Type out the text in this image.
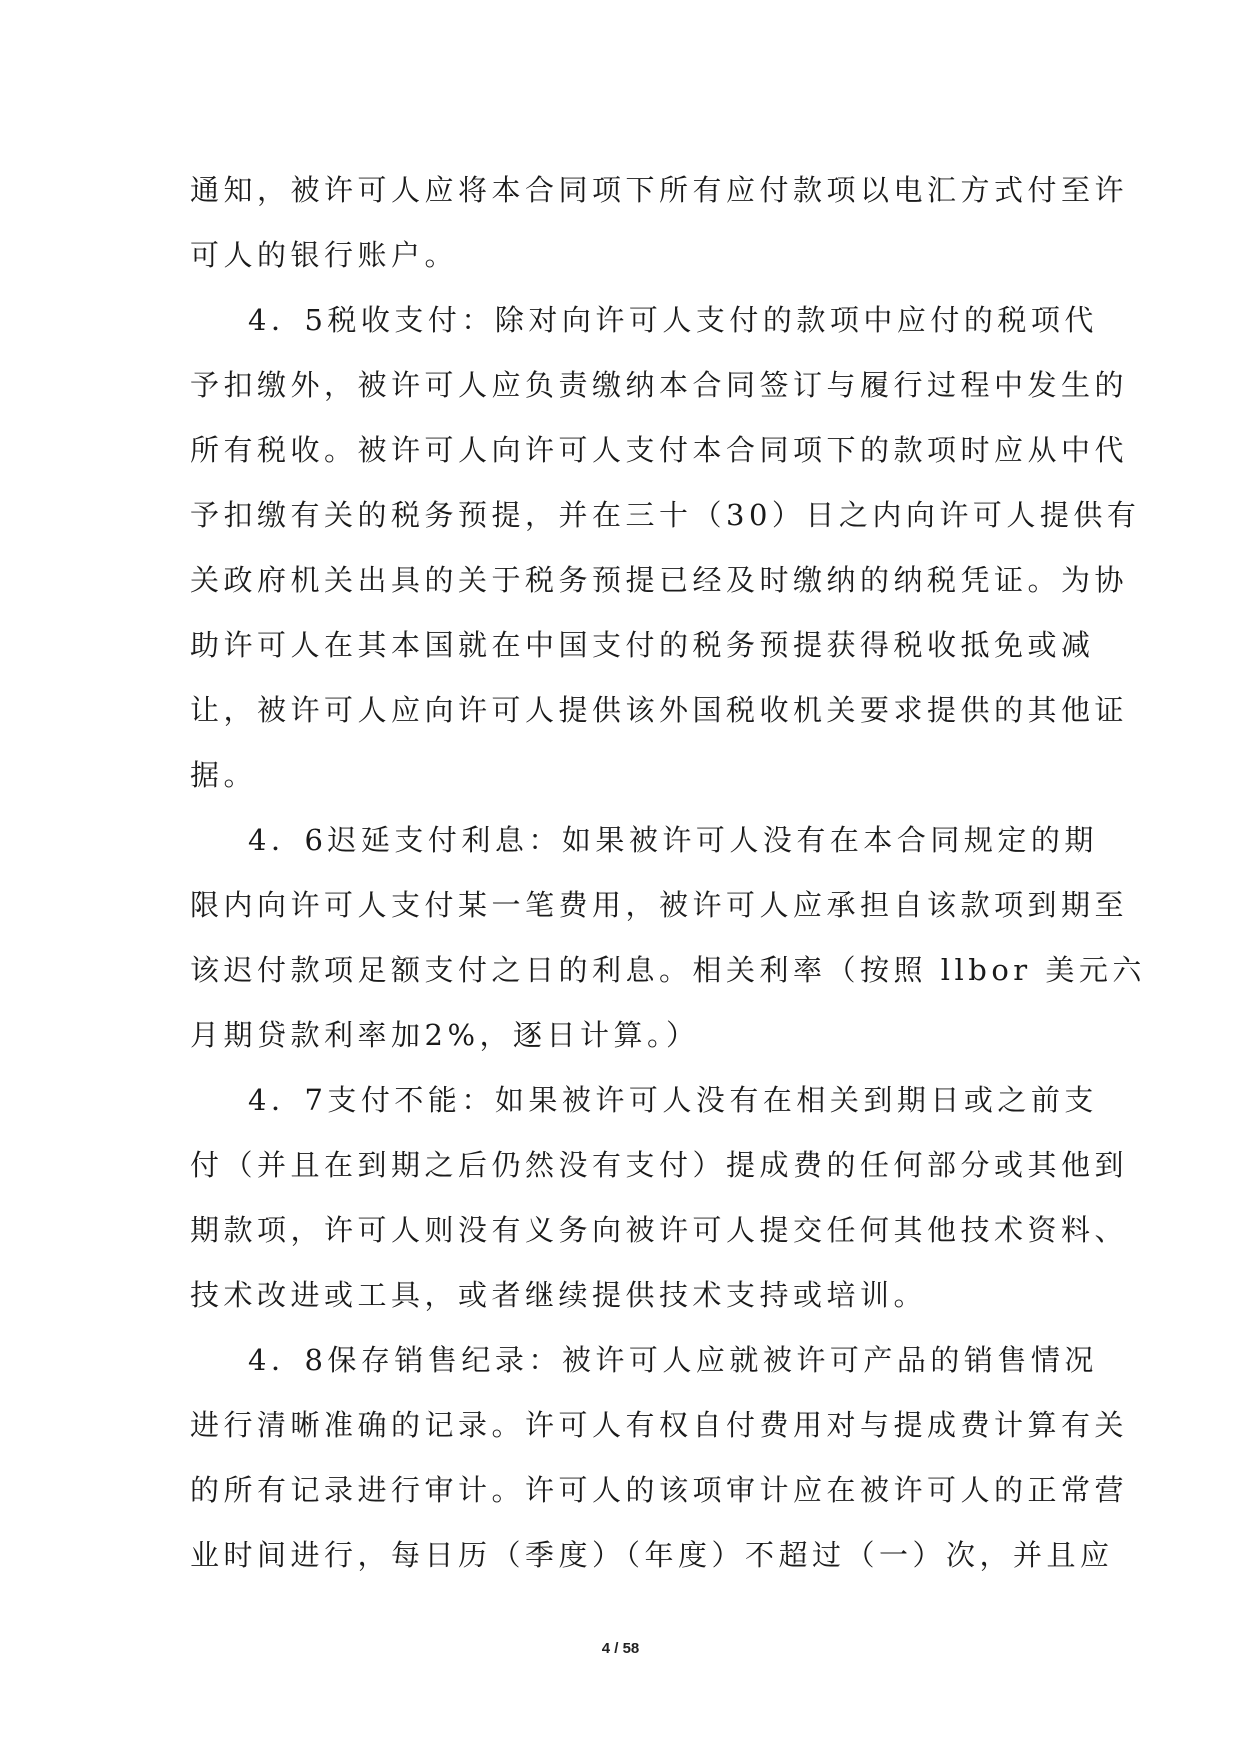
通知，被许可人应将本合同项下所有应付款项以电汇方式付至许
可人的银行账户。
4．5税收支付：除对向许可人支付的款项中应付的税项代
予扣缴外，被许可人应负责缴纳本合同签订与履行过程中发生的
所有税收。被许可人向许可人支付本合同项下的款项时应从中代
予扣缴有关的税务预提，并在三十（30）日之内向许可人提供有
关政府机关出具的关于税务预提已经及时缴纳的纳税凭证。为协
助许可人在其本国就在中国支付的税务预提获得税收抵免或减
让，被许可人应向许可人提供该外国税收机关要求提供的其他证
据。
4．6迟延支付利息：如果被许可人没有在本合同规定的期
限内向许可人支付某一笔费用，被许可人应承担自该款项到期至
该迟付款项足额支付之日的利息。相关利率（按照 llbor 美元六
月期贷款利率加2%，逐日计算。）
4．7支付不能：如果被许可人没有在相关到期日或之前支
付（并且在到期之后仍然没有支付）提成费的任何部分或其他到
期款项，许可人则没有义务向被许可人提交任何其他技术资料、
技术改进或工具，或者继续提供技术支持或培训。
4．8保存销售纪录：被许可人应就被许可产品的销售情况
进行清晰准确的记录。许可人有权自付费用对与提成费计算有关
的所有记录进行审计。许可人的该项审计应在被许可人的正常营
业时间进行，每日历（季度）（年度）不超过（一）次，并且应
4 / 58
